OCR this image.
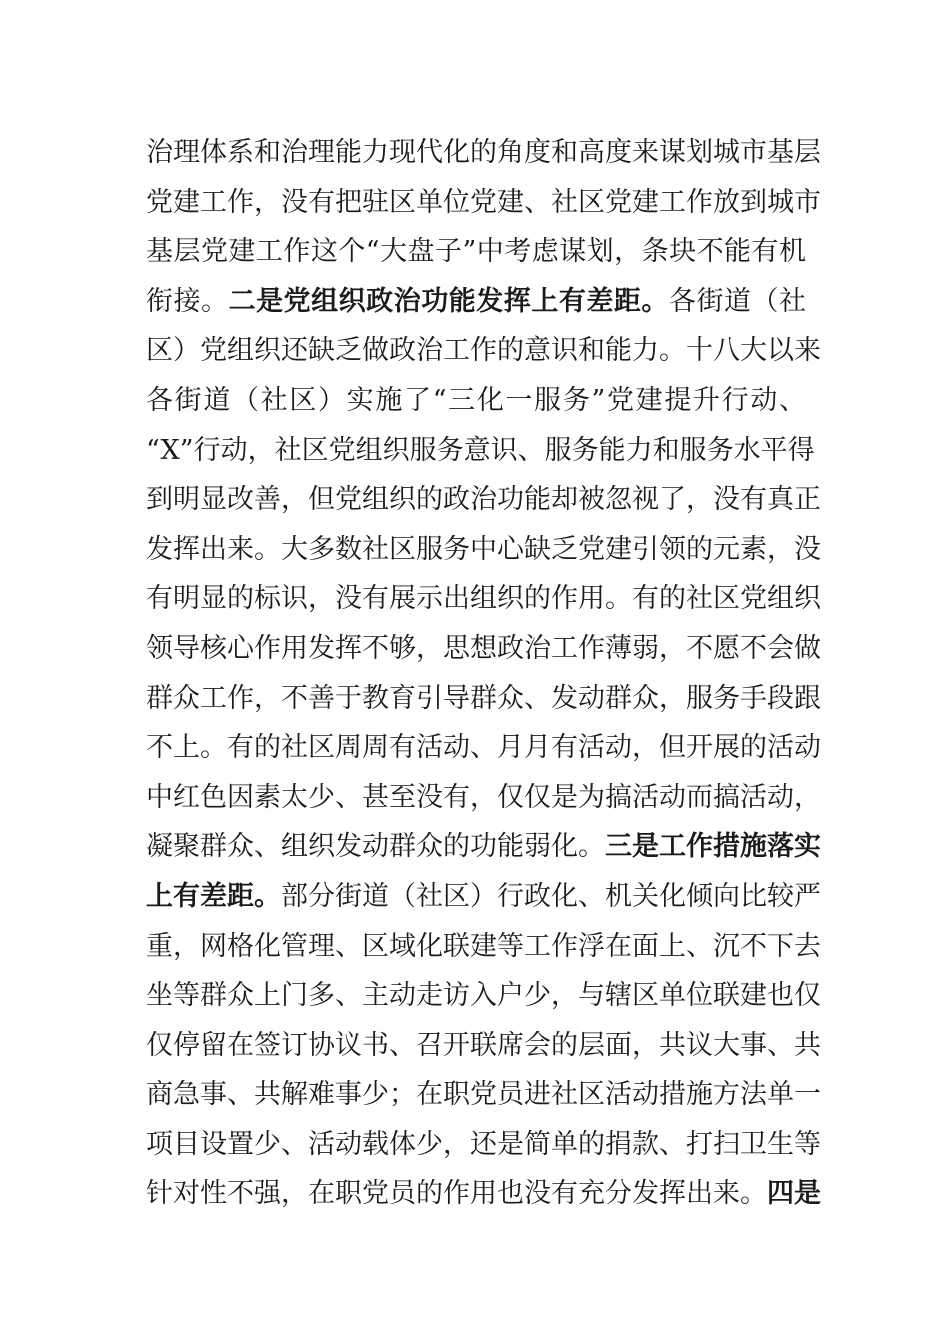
治理体系和治理能力现代化的角度和高度来谋划城市基层
党建工作，没有把驻区单位党建、社区党建工作放到城市
基层党建工作这个“大盘子”中考虑谋划，条块不能有机
衔接。二是党组织政治功能发挥上有差距。各街道（社
区）党组织还缺乏做政治工作的意识和能力。十八大以来
各街道（社区）实施了“三化一服务”党建提升行动、
“X”行动，社区党组织服务意识、服务能力和服务水平得
到明显改善，但党组织的政治功能却被忽视了，没有真正
发挥出来。大多数社区服务中心缺乏党建引领的元素，没
有明显的标识，没有展示出组织的作用。有的社区党组织
领导核心作用发挥不够，思想政治工作薄弱，不愿不会做
群众工作，不善于教育引导群众、发动群众，服务手段跟
不上。有的社区周周有活动、月月有活动，但开展的活动
中红色因素太少、甚至没有，仅仅是为搞活动而搞活动，
凝聚群众、组织发动群众的功能弱化。三是工作措施落实
上有差距。部分街道（社区）行政化、机关化倾向比较严
重，网格化管理、区域化联建等工作浮在面上、沉不下去
坐等群众上门多、主动走访入户少，与辖区单位联建也仅
仅停留在签订协议书、召开联席会的层面，共议大事、共
商急事、共解难事少；在职党员进社区活动措施方法单一
项目设置少、活动载体少，还是简单的捐款、打扫卫生等
针对性不强，在职党员的作用也没有充分发挥出来。四是
